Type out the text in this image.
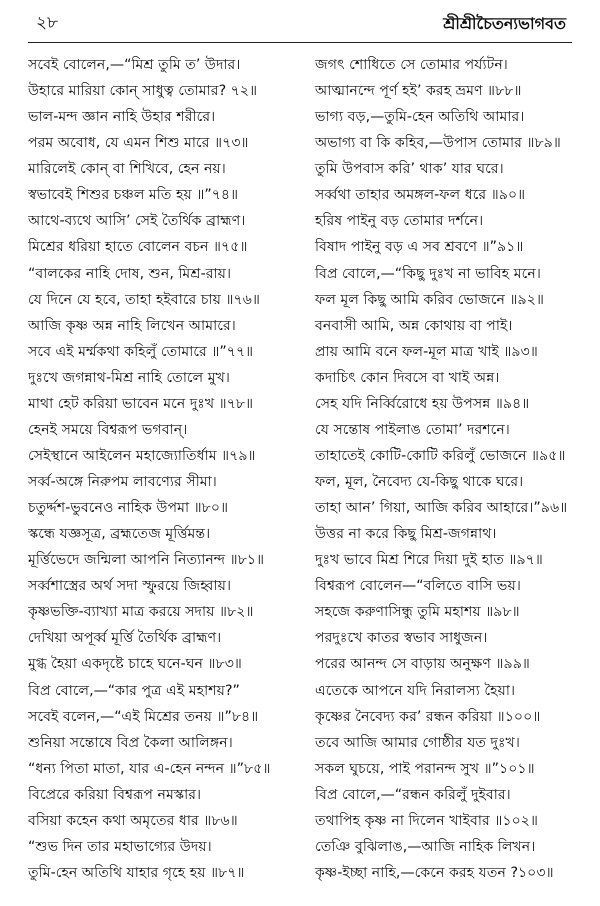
২৮	শ্রীশ্রীচৈতন্যভাগবত
সবেই বোলেন,—“মিশ্র তুমি ত’ উদার।
উহারে মারিয়া কোন্ সাধুত্ব তোমার? ৭২॥
ভাল-মন্দ জ্ঞান নাহি উহার শরীরে।
পরম অবোধ, যে এমন শিশু মারে ॥৭৩॥
মারিলেই কোন্ বা শিখিবে, হেন নয়।
স্বভাবেই শিশুর চঞ্চল মতি হয় ॥”৭৪॥
আথে-ব্যথে আসি’ সেই তৈর্থিক ব্রাহ্মণ।
মিশ্রের ধরিয়া হাতে বোলেন বচন ॥৭৫॥
“বালকের নাহি দোষ, শুন, মিশ্র-রায়।
যে দিনে যে হবে, তাহা হইবারে চায় ॥৭৬॥
আজি কৃষ্ণ অন্ন নাহি লিখেন আমারে।
সবে এই মর্ম্মকথা কহিলুঁ তোমারে ॥”৭৭॥
দুঃখে জগন্নাথ-মিশ্র নাহি তোলে মুখ।
মাথা হেট করিয়া ভাবেন মনে দুঃখ ॥৭৮॥
হেনই সময়ে বিশ্বরূপ ভগবান্।
সেইস্থানে আইলেন মহাজ্যোতির্ধাম ॥৭৯॥
সর্ব্ব-অঙ্গে নিরুপম লাবণ্যের সীমা।
চতুর্দ্দশ-ভুবনেও নাহিক উপমা ॥৮০॥
স্কন্ধে যজ্ঞসূত্র, ব্রহ্মতেজ মূর্ত্তিমন্ত।
মূর্ত্তিভেদে জন্মিলা আপনি নিত্যানন্দ ॥৮১॥
সর্ব্বশাস্ত্রের অর্থ সদা স্ফুরয়ে জিহ্বায়।
কৃষ্ণভক্তি-ব্যাখ্যা মাত্র করয়ে সদায় ॥৮২॥
দেখিয়া অপূর্ব্ব মূর্ত্তি তৈর্থিক ব্রাহ্মণ।
মুগ্ধ হৈয়া একদৃষ্টে চাহে ঘনে-ঘন ॥৮৩॥
বিপ্র বোলে,—“কার পুত্র এই মহাশয়?”
সবেই বলেন,—“এই মিশ্রের তনয় ॥”৮৪॥
শুনিয়া সন্তোষে বিপ্র কৈলা আলিঙ্গন।
“ধন্য পিতা মাতা, যার এ-হেন নন্দন ॥”৮৫॥
বিপ্রেরে করিয়া বিশ্বরূপ নমস্কার।
বসিয়া কহেন কথা অমৃতের ধার ॥৮৬॥
“শুভ দিন তার মহাভাগ্যের উদয়।
তুমি-হেন অতিথি যাহার গৃহে হয় ॥৮৭॥
জগৎ শোধিতে সে তোমার পর্য্যটন।
আত্মানন্দে পূর্ণ হই’ করহ ভ্রমণ ॥৮৮॥
ভাগ্য বড়,—তুমি-হেন অতিথি আমার।
অভাগ্য বা কি কহিব,—উপাস তোমার ॥৮৯॥
তুমি উপবাস করি’ থাক’ যার ঘরে।
সর্ব্বথা তাহার অমঙ্গল-ফল ধরে ॥৯০॥
হরিষ পাইনু বড় তোমার দর্শনে।
বিষাদ পাইনু বড় এ সব শ্রবণে ॥”৯১॥
বিপ্র বোলে,—“কিছু দুঃখ না ভাবিহ মনে।
ফল মূল কিছু আমি করিব ভোজনে ॥৯২॥
বনবাসী আমি, অন্ন কোথায় বা পাই।
প্রায় আমি বনে ফল-মূল মাত্র খাই ॥৯৩॥
কদাচিৎ কোন দিবসে বা খাই অন্ন।
সেহ যদি নির্ব্বিরোধে হয় উপসন্ন ॥৯৪॥
যে সন্তোষ পাইলাঙ তোমা’ দরশনে।
তাহাতেই কোটি-কোটি করিলুঁ ভোজনে ॥৯৫॥
ফল, মূল, নৈবেদ্য যে-কিছু থাকে ঘরে।
তাহা আন’ গিয়া, আজি করিব আহারে।”৯৬॥
উত্তর না করে কিছু মিশ্র-জগন্নাথ।
দুঃখ ভাবে মিশ্র শিরে দিয়া দুই হাত ॥৯৭॥
বিশ্বরূপ বোলেন—“বলিতে বাসি ভয়।
সহজে করুণাসিন্ধু তুমি মহাশয় ॥৯৮॥
পরদুঃখে কাতর স্বভাব সাধুজন।
পরের আনন্দ সে বাড়ায় অনুক্ষণ ॥৯৯॥
এতেকে আপনে যদি নিরালস্য হৈয়া।
কৃষ্ণের নৈবেদ্য কর’ রন্ধন করিয়া ॥১০০॥
তবে আজি আমার গোষ্ঠীর যত দুঃখ।
সকল ঘুচয়ে, পাই পরানন্দ সুখ ॥”১০১॥
বিপ্র বোলে,—“রন্ধন করিলুঁ দুইবার।
তথাপিহ কৃষ্ণ না দিলেন খাইবার ॥১০২॥
তেঞি বুঝিলাঙ,—আজি নাহিক লিখন।
কৃষ্ণ-ইচ্ছা নাহি,—কেনে করহ যতন ?১০৩॥
